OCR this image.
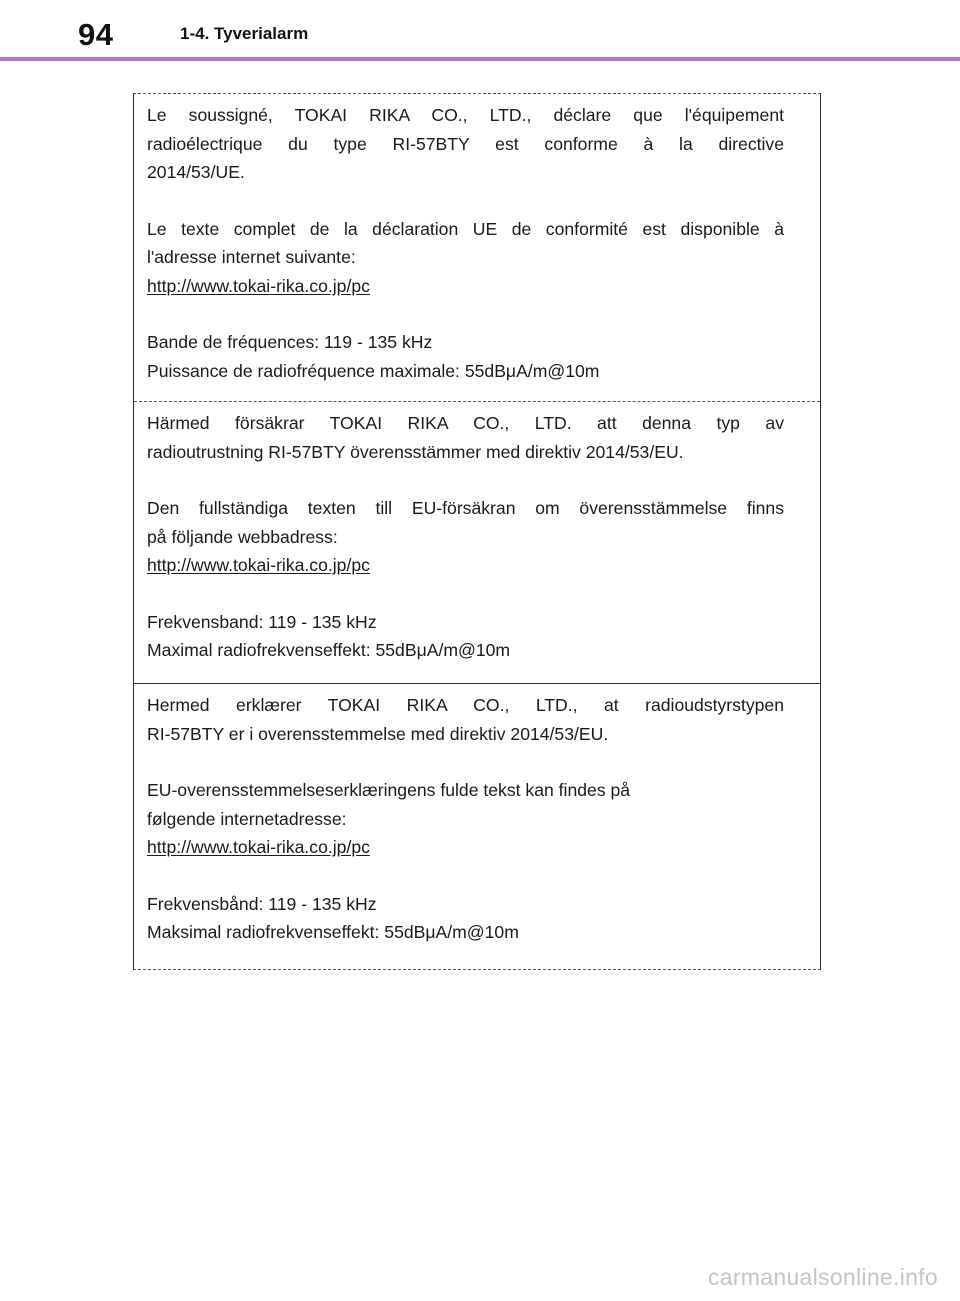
94	1-4. Tyverialarm

Le soussigné, TOKAI RIKA CO., LTD., déclare que l'équipement
radioélectrique du type RI-57BTY est conforme à la directive
2014/53/UE.

Le texte complet de la déclaration UE de conformité est disponible à
l'adresse internet suivante:
http://www.tokai-rika.co.jp/pc

Bande de fréquences: 119 - 135 kHz
Puissance de radiofréquence maximale: 55dBμA/m@10m

Härmed försäkrar TOKAI RIKA CO., LTD. att denna typ av
radioutrustning RI-57BTY överensstämmer med direktiv 2014/53/EU.

Den fullständiga texten till EU-försäkran om överensstämmelse finns
på följande webbadress:
http://www.tokai-rika.co.jp/pc

Frekvensband: 119 - 135 kHz
Maximal radiofrekvenseffekt: 55dBμA/m@10m

Hermed erklærer TOKAI RIKA CO., LTD., at radioudstyrstypen
RI-57BTY er i overensstemmelse med direktiv 2014/53/EU.

EU-overensstemmelseserklæringens fulde tekst kan findes på
følgende internetadresse:
http://www.tokai-rika.co.jp/pc

Frekvensbånd: 119 - 135 kHz
Maksimal radiofrekvenseffekt: 55dBμA/m@10m

carmanualsonline.info
